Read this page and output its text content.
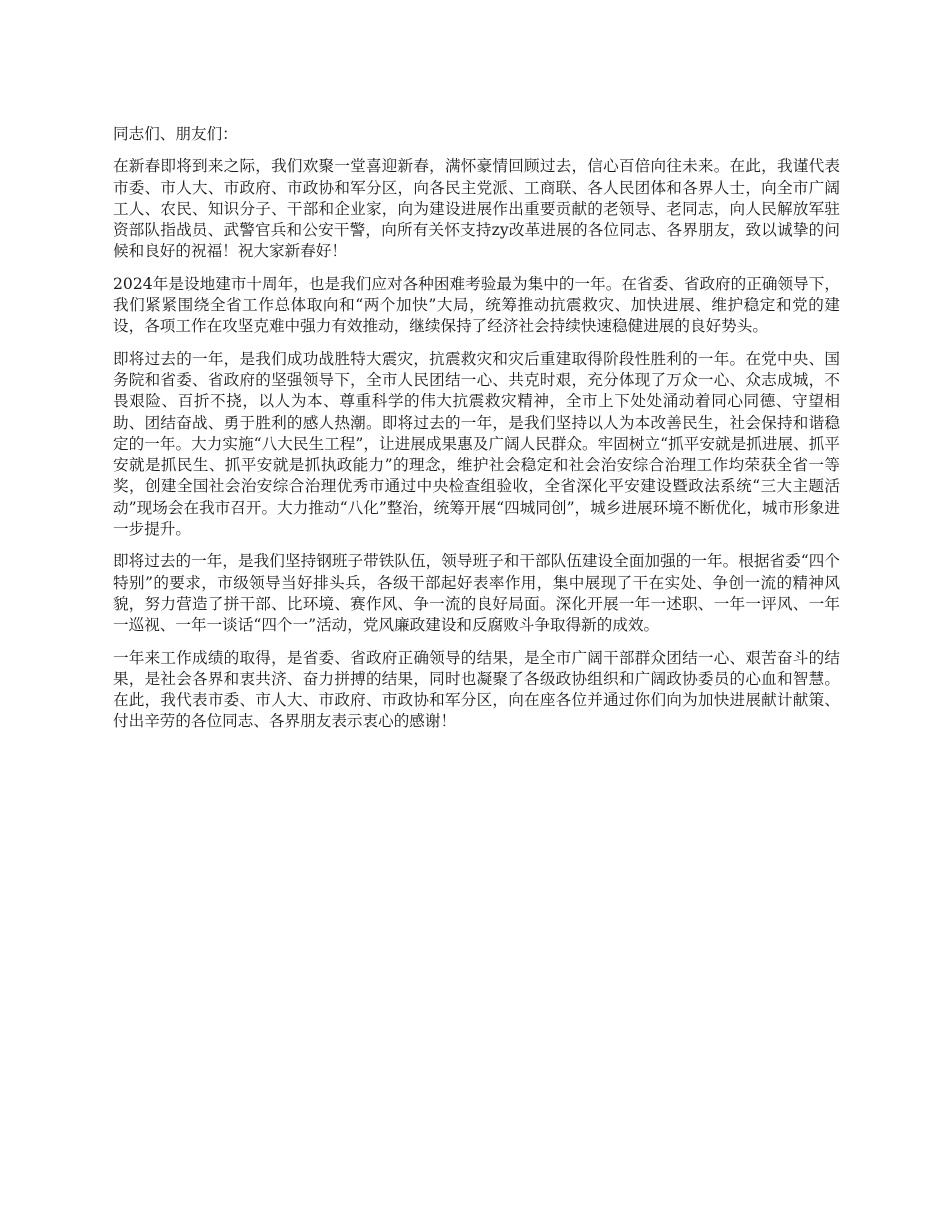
同志们、朋友们：

在新春即将到来之际，我们欢聚一堂喜迎新春，满怀豪情回顾过去，信心百倍向往未来。在此，我谨代表市委、市人大、市政府、市政协和军分区，向各民主党派、工商联、各人民团体和各界人士，向全市广阔工人、农民、知识分子、干部和企业家，向为建设进展作出重要贡献的老领导、老同志，向人民解放军驻资部队指战员、武警官兵和公安干警，向所有关怀支持zy改革进展的各位同志、各界朋友，致以诚挚的问候和良好的祝福！祝大家新春好！

2024年是设地建市十周年，也是我们应对各种困难考验最为集中的一年。在省委、省政府的正确领导下，我们紧紧围绕全省工作总体取向和“两个加快”大局，统筹推动抗震救灾、加快进展、维护稳定和党的建设，各项工作在攻坚克难中强力有效推动，继续保持了经济社会持续快速稳健进展的良好势头。

即将过去的一年，是我们成功战胜特大震灾，抗震救灾和灾后重建取得阶段性胜利的一年。在党中央、国务院和省委、省政府的坚强领导下，全市人民团结一心、共克时艰，充分体现了万众一心、众志成城，不畏艰险、百折不挠，以人为本、尊重科学的伟大抗震救灾精神，全市上下处处涌动着同心同德、守望相助、团结奋战、勇于胜利的感人热潮。即将过去的一年，是我们坚持以人为本改善民生，社会保持和谐稳定的一年。大力实施“八大民生工程”，让进展成果惠及广阔人民群众。牢固树立“抓平安就是抓进展、抓平安就是抓民生、抓平安就是抓执政能力”的理念，维护社会稳定和社会治安综合治理工作均荣获全省一等奖，创建全国社会治安综合治理优秀市通过中央检查组验收，全省深化平安建设暨政法系统“三大主题活动”现场会在我市召开。大力推动“八化”整治，统筹开展“四城同创”，城乡进展环境不断优化，城市形象进一步提升。

即将过去的一年，是我们坚持钢班子带铁队伍，领导班子和干部队伍建设全面加强的一年。根据省委“四个特别”的要求，市级领导当好排头兵，各级干部起好表率作用，集中展现了干在实处、争创一流的精神风貌，努力营造了拼干部、比环境、赛作风、争一流的良好局面。深化开展一年一述职、一年一评风、一年一巡视、一年一谈话“四个一”活动，党风廉政建设和反腐败斗争取得新的成效。

一年来工作成绩的取得，是省委、省政府正确领导的结果，是全市广阔干部群众团结一心、艰苦奋斗的结果，是社会各界和衷共济、奋力拼搏的结果，同时也凝聚了各级政协组织和广阔政协委员的心血和智慧。在此，我代表市委、市人大、市政府、市政协和军分区，向在座各位并通过你们向为加快进展献计献策、付出辛劳的各位同志、各界朋友表示衷心的感谢！
